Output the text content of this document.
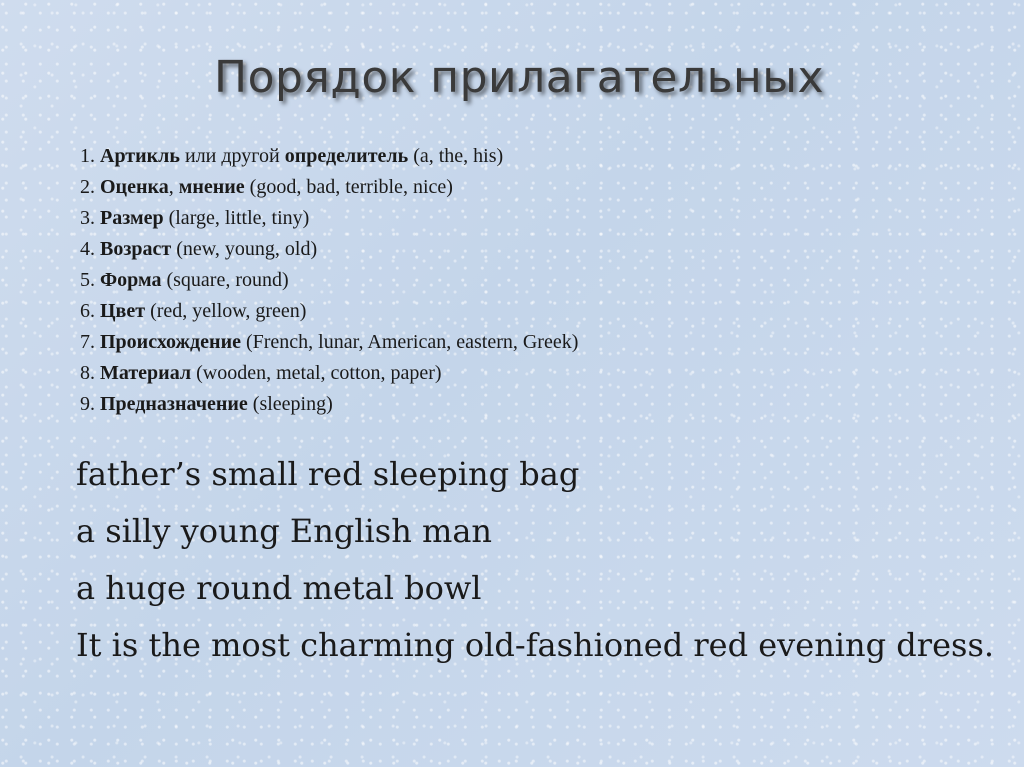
Порядок прилагательных
1. Артикль или другой определитель (a, the, his)
2. Оценка, мнение (good, bad, terrible, nice)
3. Размер (large, little, tiny)
4. Возраст (new, young, old)
5. Форма (square, round)
6. Цвет (red, yellow, green)
7. Происхождение (French, lunar, American, eastern, Greek)
8. Материал (wooden, metal, cotton, paper)
9. Предназначение (sleeping)
father’s small red sleeping bag
a silly young English man
a huge round metal bowl
It is the most charming old-fashioned red evening dress.
